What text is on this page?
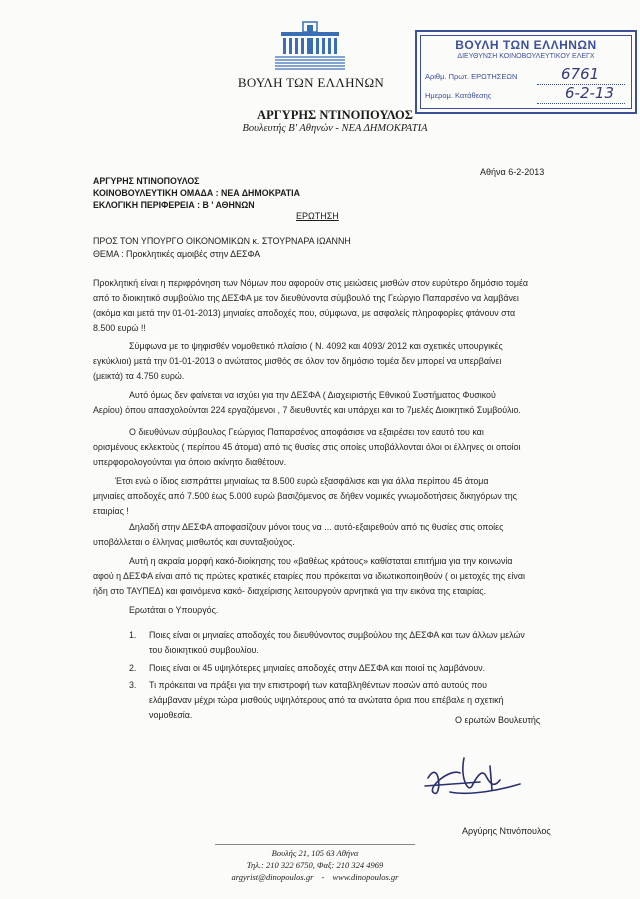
ΒΟΥΛΗ ΤΩΝ ΕΛΛΗΝΩΝ
ΑΡΓΥΡΗΣ ΝΤΙΝΟΠΟΥΛΟΣ
Βουλευτής Β' Αθηνών - ΝΕΑ ΔΗΜΟΚΡΑΤΙΑ
ΒΟΥΛΗ ΤΩΝ ΕΛΛΗΝΩΝ
ΔΙΕΥΘΥΝΣΗ ΚΟΙΝΟΒΟΥΛΕΥΤΙΚΟΥ ΕΛΕΓΧ
Αριθμ. Πρωτ. ΕΡΩΤΗΣΕΩΝ	6761
Ημερομ. Κατάθεσης	6-2-13
Αθήνα 6-2-2013
ΑΡΓΥΡΗΣ ΝΤΙΝΟΠΟΥΛΟΣ
ΚΟΙΝΟΒΟΥΛΕΥΤΙΚΗ ΟΜΑΔΑ : ΝΕΑ ΔΗΜΟΚΡΑΤΙΑ
ΕΚΛΟΓΙΚΗ ΠΕΡΙΦΕΡΕΙΑ : Β ' ΑΘΗΝΩΝ
ΕΡΩΤΗΣΗ
ΠΡΟΣ ΤΟΝ ΥΠΟΥΡΓΟ ΟΙΚΟΝΟΜΙΚΩΝ κ. ΣΤΟΥΡΝΑΡΑ ΙΩΑΝΝΗ
ΘΕΜΑ : Προκλητικές αμοιβές στην ΔΕΣΦΑ
Προκλητική είναι η περιφρόνηση των Νόμων που αφορούν στις μειώσεις μισθών στον ευρύτερο δημόσιο τομέα
από το διοικητικό συμβούλιο της ΔΕΣΦΑ με τον διευθύνοντα σύμβουλό της Γεώργιο Παπαρσένο να λαμβάνει
(ακόμα και μετά την 01-01-2013) μηνιαίες αποδοχές που, σύμφωνα, με ασφαλείς πληροφορίες φτάνουν στα
8.500 ευρώ !!
Σύμφωνα με το ψηφισθέν νομοθετικό πλαίσιο ( Ν. 4092 και 4093/ 2012 και σχετικές υπουργικές
εγκύκλιοι) μετά την 01-01-2013 ο ανώτατος μισθός σε όλον τον δημόσιο τομέα δεν μπορεί να υπερβαίνει
(μεικτά) τα 4.750 ευρώ.
Αυτό όμως δεν φαίνεται να ισχύει για την ΔΕΣΦΑ ( Διαχειριστής Εθνικού Συστήματος Φυσικού
Αερίου) όπου απασχολούνται 224 εργαζόμενοι , 7 διευθυντές και υπάρχει και το 7μελές Διοικητικό Συμβούλιο.
Ο διευθύνων σύμβουλος Γεώργιος Παπαρσένος αποφάσισε να εξαιρέσει τον εαυτό του και
ορισμένους εκλεκτούς ( περίπου 45 άτομα) από τις θυσίες στις οποίες υποβάλλονται όλοι οι έλληνες οι οποίοι
υπερφορολογούνται για όποιο ακίνητο διαθέτουν.
Έτσι ενώ ο ίδιος εισπράττει μηνιαίως τα 8.500 ευρώ εξασφάλισε και για άλλα περίπου 45 άτομα
μηνιαίες αποδοχές από 7.500 έως 5.000 ευρώ βασιζόμενος σε δήθεν νομικές γνωμοδοτήσεις δικηγόρων της
εταιρίας !
Δηλαδή στην ΔΕΣΦΑ αποφασίζουν μόνοι τους να ... αυτό-εξαιρεθούν από τις θυσίες στις οποίες
υποβάλλεται ο έλληνας μισθωτός και συνταξιούχος.
Αυτή η ακραία μορφή κακό-διοίκησης του «βαθέως κράτους» καθίσταται επιτήμια για την κοινωνία
αφού η ΔΕΣΦΑ είναι από τις πρώτες κρατικές εταιρίες που πρόκειται να ιδιωτικοποιηθούν ( οι μετοχές της είναι
ήδη στο ΤΑΥΠΕΔ) και φαινόμενα κακό- διαχείρισης λειτουργούν αρνητικά για την εικόνα της εταιρίας.
Ερωτάται ο Υπουργός.
1. Ποιες είναι οι μηνιαίες αποδοχές του διευθύνοντος συμβούλου της ΔΕΣΦΑ και των άλλων μελών
του διοικητικού συμβουλίου.
2. Ποιες είναι οι 45 υψηλότερες μηνιαίες αποδοχές στην ΔΕΣΦΑ και ποιοί τις λαμβάνουν.
3. Τι πρόκειται να πράξει για την επιστροφή των καταβληθέντων ποσών από αυτούς που
ελάμβαναν μέχρι τώρα μισθούς υψηλότερους από τα ανώτατα όρια που επέβαλε η σχετική
νομοθεσία.	Ο ερωτών Βουλευτής
Αργύρης Ντινόπουλος
Βουλής 21, 105 63 Αθήνα
Τηλ.: 210 322 6750, Φαξ: 210 324 4969
argyrist@dinopoulos.gr - www.dinopoulos.gr
